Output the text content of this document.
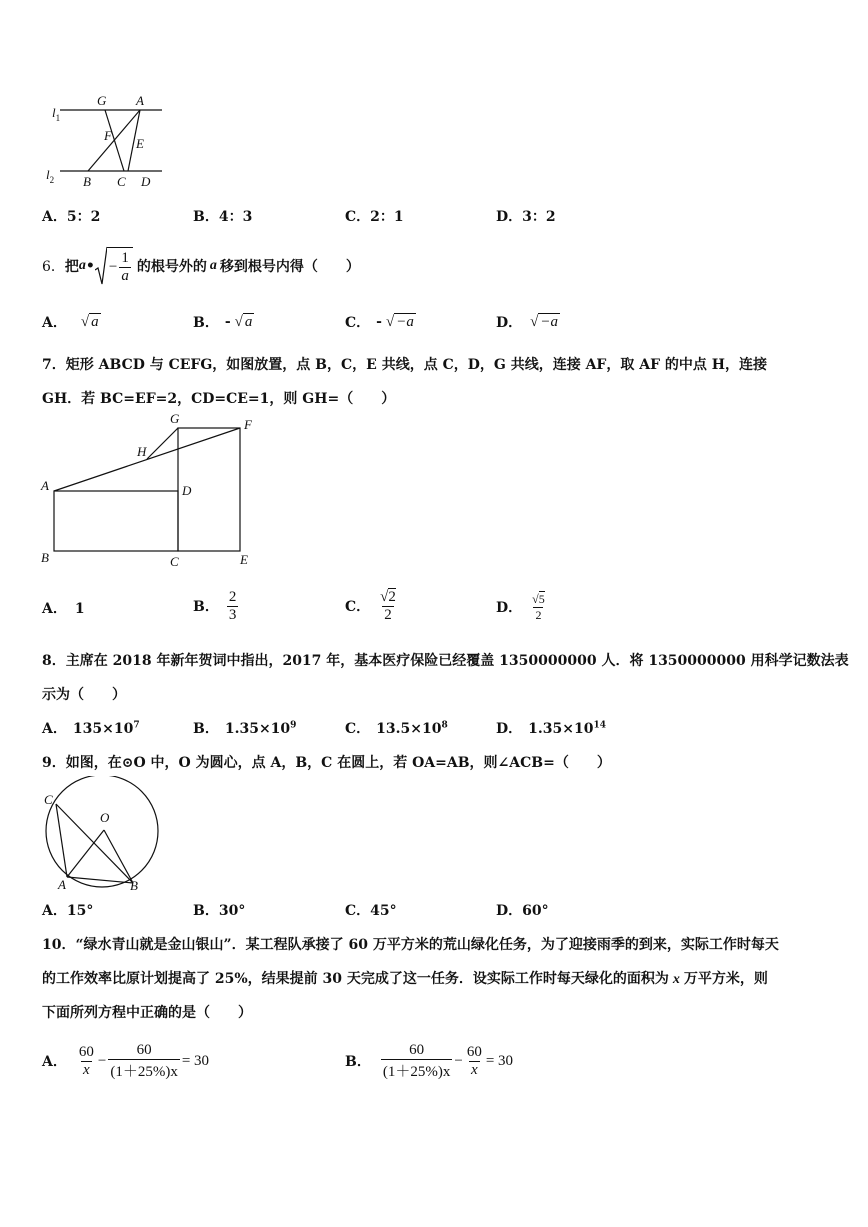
$l_1$
$l_2$
G A
F
E
B C D
A．5：2	B．4：3	C．2：1	D．3：2
6． 把 a • − $\frac{1}{a}$ 的根号外的 a 移到根号内得（　　）
A． √ a	B． - √ a	C． - √ −a	D． √ −a
7．矩形 ABCD 与 CEFG，如图放置，点 B，C，E 共线，点 C，D，G 共线，连接 AF，取 AF 的中点 H，连接
GH．若 BC=EF=2，CD=CE=1，则 GH=（　　）
G	F
H
A	D
B	C	E
A． 1	B． $\frac{2}{3}$	C． $\frac{√2}{2}$	D． $\frac{√5}{2}$
8．主席在 2018 年新年贺词中指出，2017 年，基本医疗保险已经覆盖 1350000000 人．将 1350000000 用科学记数法表
示为（　　）
A． $135\times 10^7$	B． $1.35\times 10^9$	C． $13.5\times 10^8$	D． $1.35\times 10^{14}$
9．如图，在⊙O 中，O 为圆心，点 A，B，C 在圆上，若 OA=AB，则∠ACB=（　　）
C
O
A	B
A．15°	B．30°	C．45°	D．60°
10．“绿水青山就是金山银山”．某工程队承接了 60 万平方米的荒山绿化任务，为了迎接雨季的到来，实际工作时每天
的工作效率比原计划提高了 25%，结果提前 30 天完成了这一任务．设实际工作时每天绿化的面积为 x 万平方米，则
下面所列方程中正确的是（　　）
A． $\frac{60}{x} - \frac{60}{(1+25\%)x} = 30$	B． $\frac{60}{(1+25\%)x} - \frac{60}{x} = 30$
